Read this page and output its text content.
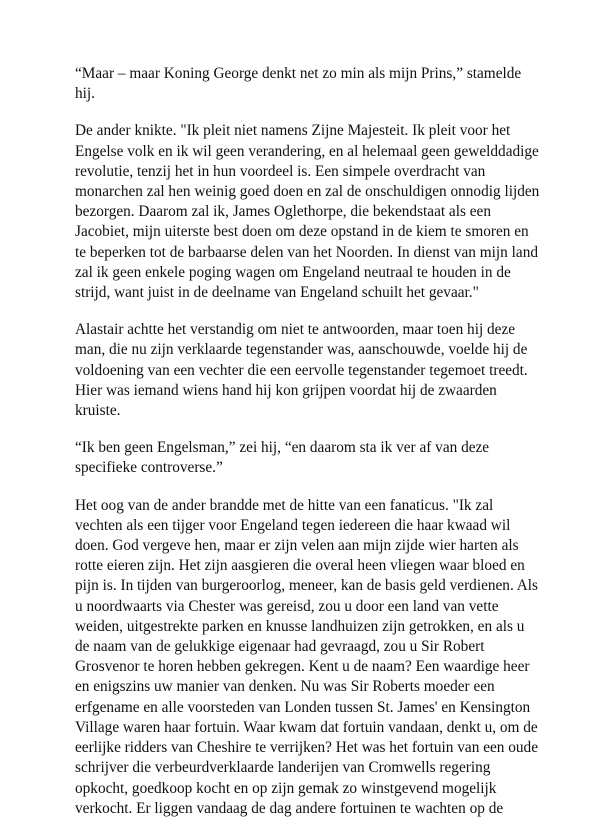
“Maar – maar Koning George denkt net zo min als mijn Prins,” stamelde
hij.

De ander knikte. "Ik pleit niet namens Zijne Majesteit. Ik pleit voor het
Engelse volk en ik wil geen verandering, en al helemaal geen gewelddadige
revolutie, tenzij het in hun voordeel is. Een simpele overdracht van
monarchen zal hen weinig goed doen en zal de onschuldigen onnodig lijden
bezorgen. Daarom zal ik, James Oglethorpe, die bekendstaat als een
Jacobiet, mijn uiterste best doen om deze opstand in de kiem te smoren en
te beperken tot de barbaarse delen van het Noorden. In dienst van mijn land
zal ik geen enkele poging wagen om Engeland neutraal te houden in de
strijd, want juist in de deelname van Engeland schuilt het gevaar."

Alastair achtte het verstandig om niet te antwoorden, maar toen hij deze
man, die nu zijn verklaarde tegenstander was, aanschouwde, voelde hij de
voldoening van een vechter die een eervolle tegenstander tegemoet treedt.
Hier was iemand wiens hand hij kon grijpen voordat hij de zwaarden
kruiste.

“Ik ben geen Engelsman,” zei hij, “en daarom sta ik ver af van deze
specifieke controverse.”

Het oog van de ander brandde met de hitte van een fanaticus. "Ik zal
vechten als een tijger voor Engeland tegen iedereen die haar kwaad wil
doen. God vergeve hen, maar er zijn velen aan mijn zijde wier harten als
rotte eieren zijn. Het zijn aasgieren die overal heen vliegen waar bloed en
pijn is. In tijden van burgeroorlog, meneer, kan de basis geld verdienen. Als
u noordwaarts via Chester was gereisd, zou u door een land van vette
weiden, uitgestrekte parken en knusse landhuizen zijn getrokken, en als u
de naam van de gelukkige eigenaar had gevraagd, zou u Sir Robert
Grosvenor te horen hebben gekregen. Kent u de naam? Een waardige heer
en enigszins uw manier van denken. Nu was Sir Roberts moeder een
erfgename en alle voorsteden van Londen tussen St. James' en Kensington
Village waren haar fortuin. Waar kwam dat fortuin vandaan, denkt u, om de
eerlijke ridders van Cheshire te verrijken? Het was het fortuin van een oude
schrijver die verbeurdverklaarde landerijen van Cromwells regering
opkocht, goedkoop kocht en op zijn gemak zo winstgevend mogelijk
verkocht. Er liggen vandaag de dag andere fortuinen te wachten op de
